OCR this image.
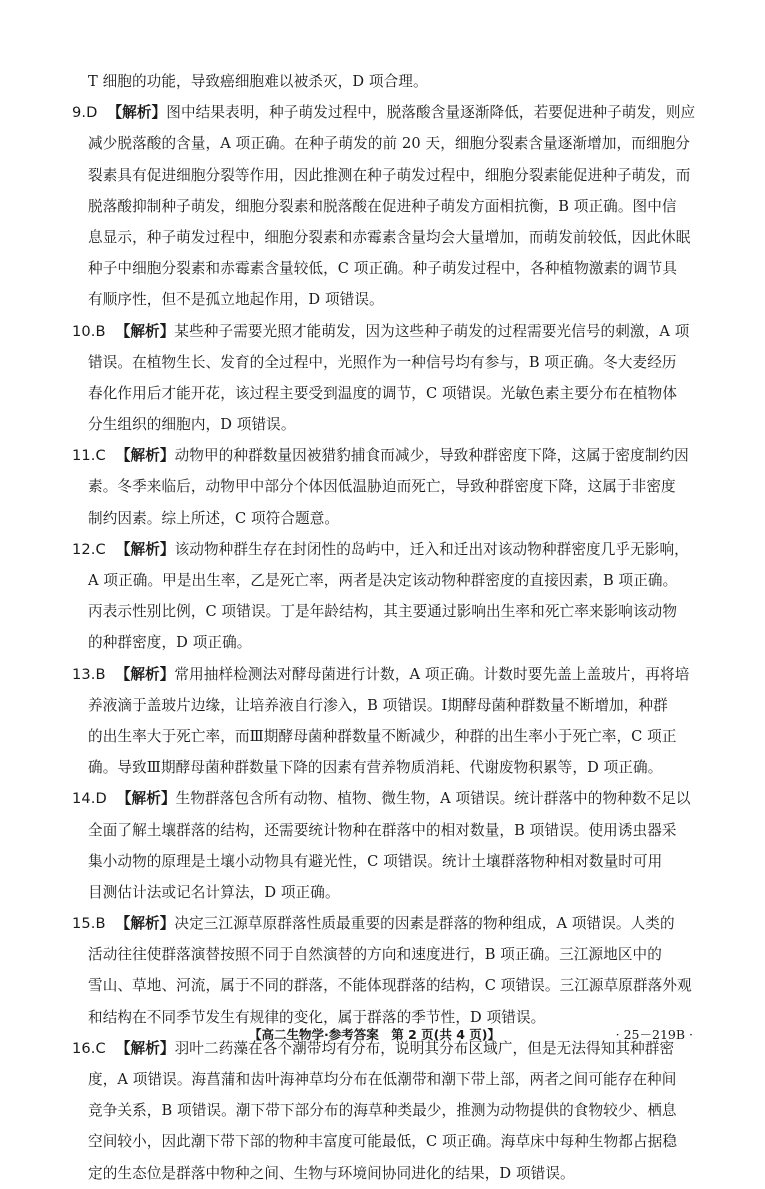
T 细胞的功能，导致癌细胞难以被杀灭，D 项合理。
9.D 【解析】图中结果表明，种子萌发过程中，脱落酸含量逐渐降低，若要促进种子萌发，则应
减少脱落酸的含量，A 项正确。在种子萌发的前 20 天，细胞分裂素含量逐渐增加，而细胞分
裂素具有促进细胞分裂等作用，因此推测在种子萌发过程中，细胞分裂素能促进种子萌发，而
脱落酸抑制种子萌发，细胞分裂素和脱落酸在促进种子萌发方面相抗衡，B 项正确。图中信
息显示，种子萌发过程中，细胞分裂素和赤霉素含量均会大量增加，而萌发前较低，因此休眠
种子中细胞分裂素和赤霉素含量较低，C 项正确。种子萌发过程中，各种植物激素的调节具
有顺序性，但不是孤立地起作用，D 项错误。
10.B 【解析】某些种子需要光照才能萌发，因为这些种子萌发的过程需要光信号的刺激，A 项
错误。在植物生长、发育的全过程中，光照作为一种信号均有参与，B 项正确。冬大麦经历
春化作用后才能开花，该过程主要受到温度的调节，C 项错误。光敏色素主要分布在植物体
分生组织的细胞内，D 项错误。
11.C 【解析】动物甲的种群数量因被猎豹捕食而减少，导致种群密度下降，这属于密度制约因
素。冬季来临后，动物甲中部分个体因低温胁迫而死亡，导致种群密度下降，这属于非密度
制约因素。综上所述，C 项符合题意。
12.C 【解析】该动物种群生存在封闭性的岛屿中，迁入和迁出对该动物种群密度几乎无影响，
A 项正确。甲是出生率，乙是死亡率，两者是决定该动物种群密度的直接因素，B 项正确。
丙表示性别比例，C 项错误。丁是年龄结构，其主要通过影响出生率和死亡率来影响该动物
的种群密度，D 项正确。
13.B 【解析】常用抽样检测法对酵母菌进行计数，A 项正确。计数时要先盖上盖玻片，再将培
养液滴于盖玻片边缘，让培养液自行渗入，B 项错误。Ⅰ期酵母菌种群数量不断增加，种群
的出生率大于死亡率，而Ⅲ期酵母菌种群数量不断减少，种群的出生率小于死亡率，C 项正
确。导致Ⅲ期酵母菌种群数量下降的因素有营养物质消耗、代谢废物积累等，D 项正确。
14.D 【解析】生物群落包含所有动物、植物、微生物，A 项错误。统计群落中的物种数不足以
全面了解土壤群落的结构，还需要统计物种在群落中的相对数量，B 项错误。使用诱虫器采
集小动物的原理是土壤小动物具有避光性，C 项错误。统计土壤群落物种相对数量时可用
目测估计法或记名计算法，D 项正确。
15.B 【解析】决定三江源草原群落性质最重要的因素是群落的物种组成，A 项错误。人类的
活动往往使群落演替按照不同于自然演替的方向和速度进行，B 项正确。三江源地区中的
雪山、草地、河流，属于不同的群落，不能体现群落的结构，C 项错误。三江源草原群落外观
和结构在不同季节发生有规律的变化，属于群落的季节性，D 项错误。
16.C 【解析】羽叶二药藻在各个潮带均有分布，说明其分布区域广，但是无法得知其种群密
度，A 项错误。海菖蒲和齿叶海神草均分布在低潮带和潮下带上部，两者之间可能存在种间
竞争关系，B 项错误。潮下带下部分布的海草种类最少，推测为动物提供的食物较少、栖息
空间较小，因此潮下带下部的物种丰富度可能最低，C 项正确。海草床中每种生物都占据稳
定的生态位是群落中物种之间、生物与环境间协同进化的结果，D 项错误。
【高二生物学·参考答案　第 2 页(共 4 页)】	· 25－219B ·
